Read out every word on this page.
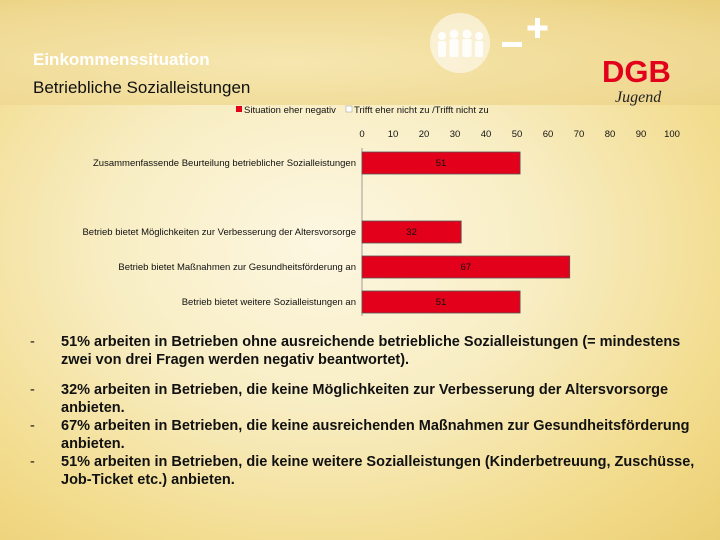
Einkommenssituation
Betriebliche Sozialleistungen	DGB
Jugend
Situation eher negativ Trifft eher nicht zu /Trifft nicht zu
0 10 20 30 40 50 60 70 80 90 100
51
32
67
51
Zusammenfassende Beurteilung betrieblicher Sozialleistungen
Betrieb bietet Möglichkeiten zur Verbesserung der Altersvorsorge
Betrieb bietet Maßnahmen zur Gesundheitsförderung an
Betrieb bietet weitere Sozialleistungen an
-	51% arbeiten in Betrieben ohne ausreichende betriebliche Sozialleistungen (= mindestens zwei von drei Fragen werden negativ beantwortet).
-	32% arbeiten in Betrieben, die keine Möglichkeiten zur Verbesserung der Altersvorsorge anbieten.
-	67% arbeiten in Betrieben, die keine ausreichenden Maßnahmen zur Gesundheitsförderung anbieten.
-	51% arbeiten in Betrieben, die keine weitere Sozialleistungen (Kinderbetreuung, Zuschüsse, Job-Ticket etc.) anbieten.
